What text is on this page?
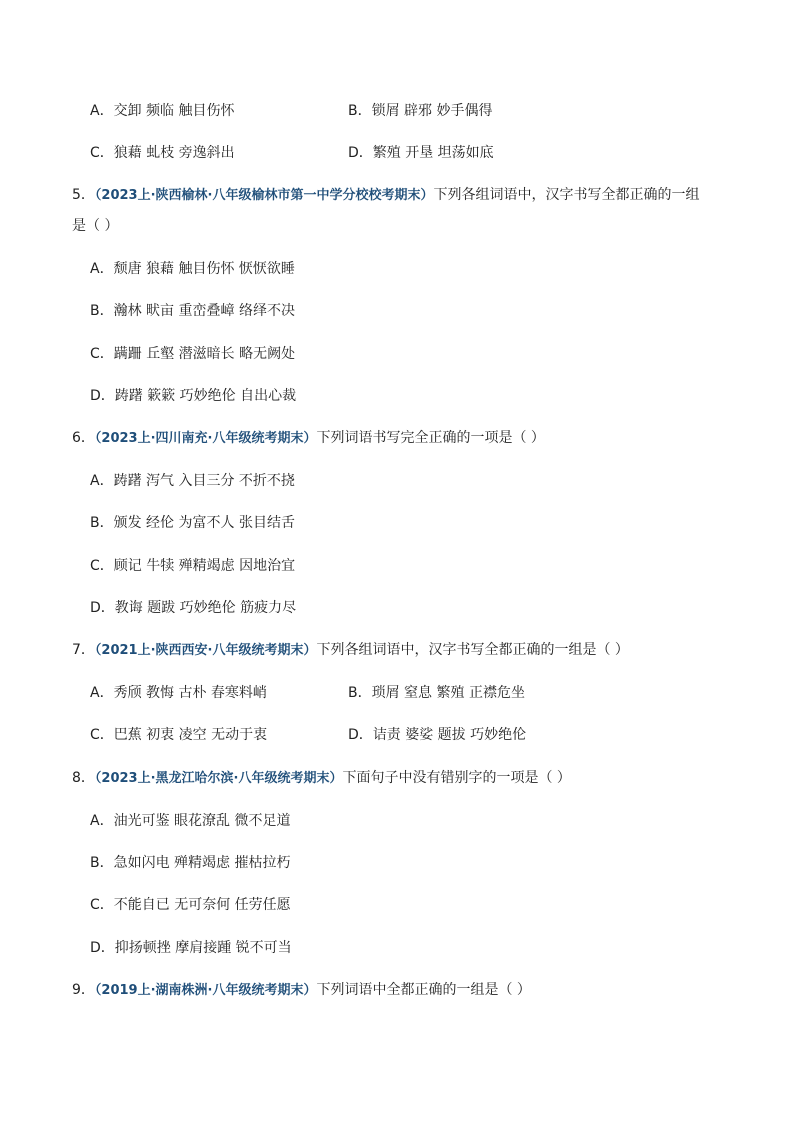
A．交卸 频临 触目伤怀	B．锁屑 辟邪 妙手偶得
C．狼藉 虬枝 旁逸斜出	D．繁殖 开垦 坦荡如底
5．（2023上·陕西榆林·八年级榆林市第一中学分校校考期末）下列各组词语中，汉字书写全都正确的一组
是（ ）
A．颓唐 狼藉 触目伤怀 恹恹欲睡
B．瀚林 畎亩 重峦叠嶂 络绎不决
C．蹒跚 丘壑 潜滋暗长 略无阙处
D．踌躇 簌簌 巧妙绝伦 自出心裁
6．（2023上·四川南充·八年级统考期末）下列词语书写完全正确的一项是（ ）
A．踌躇 泻气 入目三分 不折不挠
B．颁发 经伦 为富不人 张目结舌
C．顾记 牛犊 殚精竭虑 因地治宜
D．教诲 题跋 巧妙绝伦 筋疲力尽
7．（2021上·陕西西安·八年级统考期末）下列各组词语中，汉字书写全都正确的一组是（ ）
A．秀颀 教悔 古朴 春寒料峭	B．琐屑 窒息 繁殖 正襟危坐
C．巴蕉 初衷 凌空 无动于衷	D．诘责 婆娑 题拔 巧妙绝伦
8．（2023上·黑龙江哈尔滨·八年级统考期末）下面句子中没有错别字的一项是（ ）
A．油光可鉴 眼花潦乱 微不足道
B．急如闪电 殚精竭虑 摧枯拉朽
C．不能自已 无可奈何 任劳任愿
D．抑扬顿挫 摩肩接踵 锐不可当
9．（2019上·湖南株洲·八年级统考期末）下列词语中全都正确的一组是（ ）
